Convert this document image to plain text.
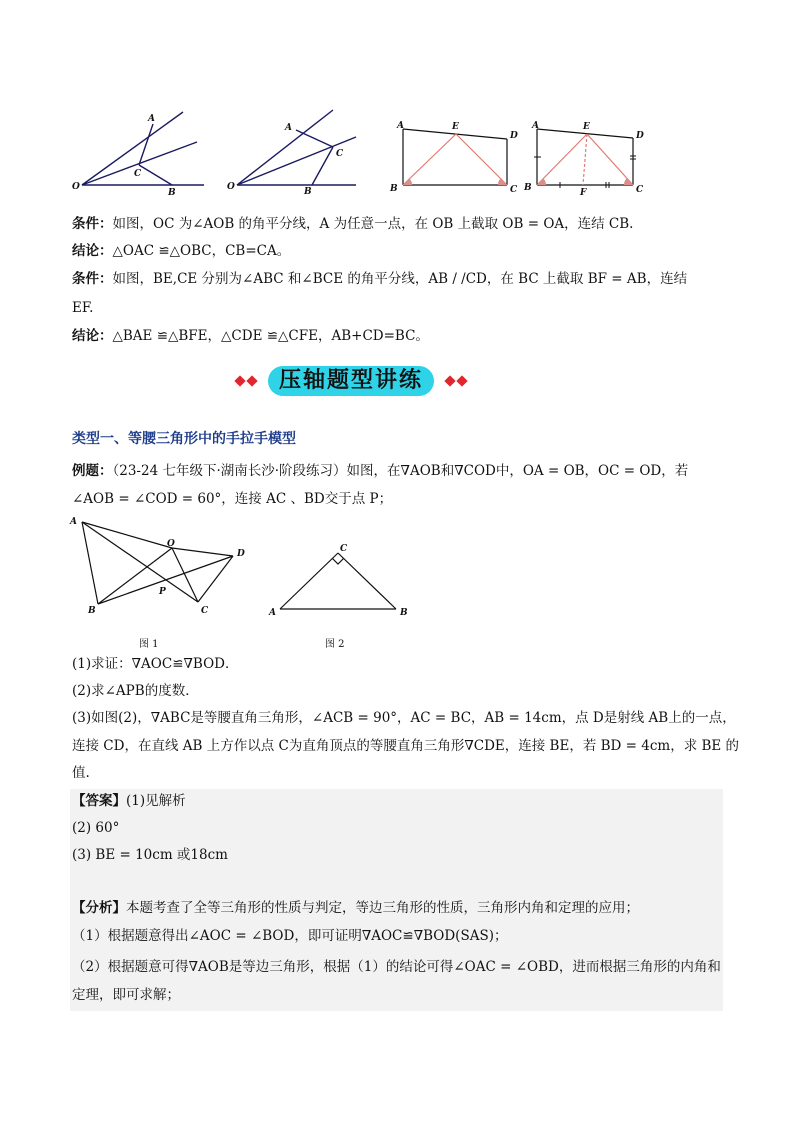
A
C
B
O
A
C
B
O
A	E
D
B	C
A	E
D
B	F	C
条件：如图，OC 为∠AOB 的角平分线，A 为任意一点，在 OB 上截取 OB = OA，连结 CB.
结论：△OAC ≌△OBC，CB=CA。
条件：如图，BE,CE 分别为∠ABC 和∠BCE 的角平分线，AB / /CD，在 BC 上截取 BF = AB，连结
EF.
结论：△BAE ≌△BFE，△CDE ≌△CFE，AB+CD=BC。
压轴题型讲练
类型一、等腰三角形中的手拉手模型
例题：（23-24 七年级下·湖南长沙·阶段练习）如图，在∇AOB和∇COD中，OA = OB，OC = OD，若
∠AOB = ∠COD = 60°，连接 AC 、BD交于点 P；
A
O
D
P
B	C
C
A	B
图 1	图 2
(1)求证：∇AOC≌∇BOD．
(2)求∠APB的度数．
(3)如图(2)，∇ABC是等腰直角三角形，∠ACB = 90°，AC = BC，AB = 14cm，点 D是射线 AB上的一点，
连接 CD，在直线 AB 上方作以点 C为直角顶点的等腰直角三角形∇CDE，连接 BE，若 BD = 4cm，求 BE 的
值.
【答案】(1)见解析
(2) 60°
(3) BE = 10cm 或18cm
【分析】本题考查了全等三角形的性质与判定，等边三角形的性质，三角形内角和定理的应用；
（1）根据题意得出∠AOC = ∠BOD，即可证明∇AOC≌∇BOD(SAS)；
（2）根据题意可得∇AOB是等边三角形，根据（1）的结论可得∠OAC = ∠OBD，进而根据三角形的内角和
定理，即可求解；
